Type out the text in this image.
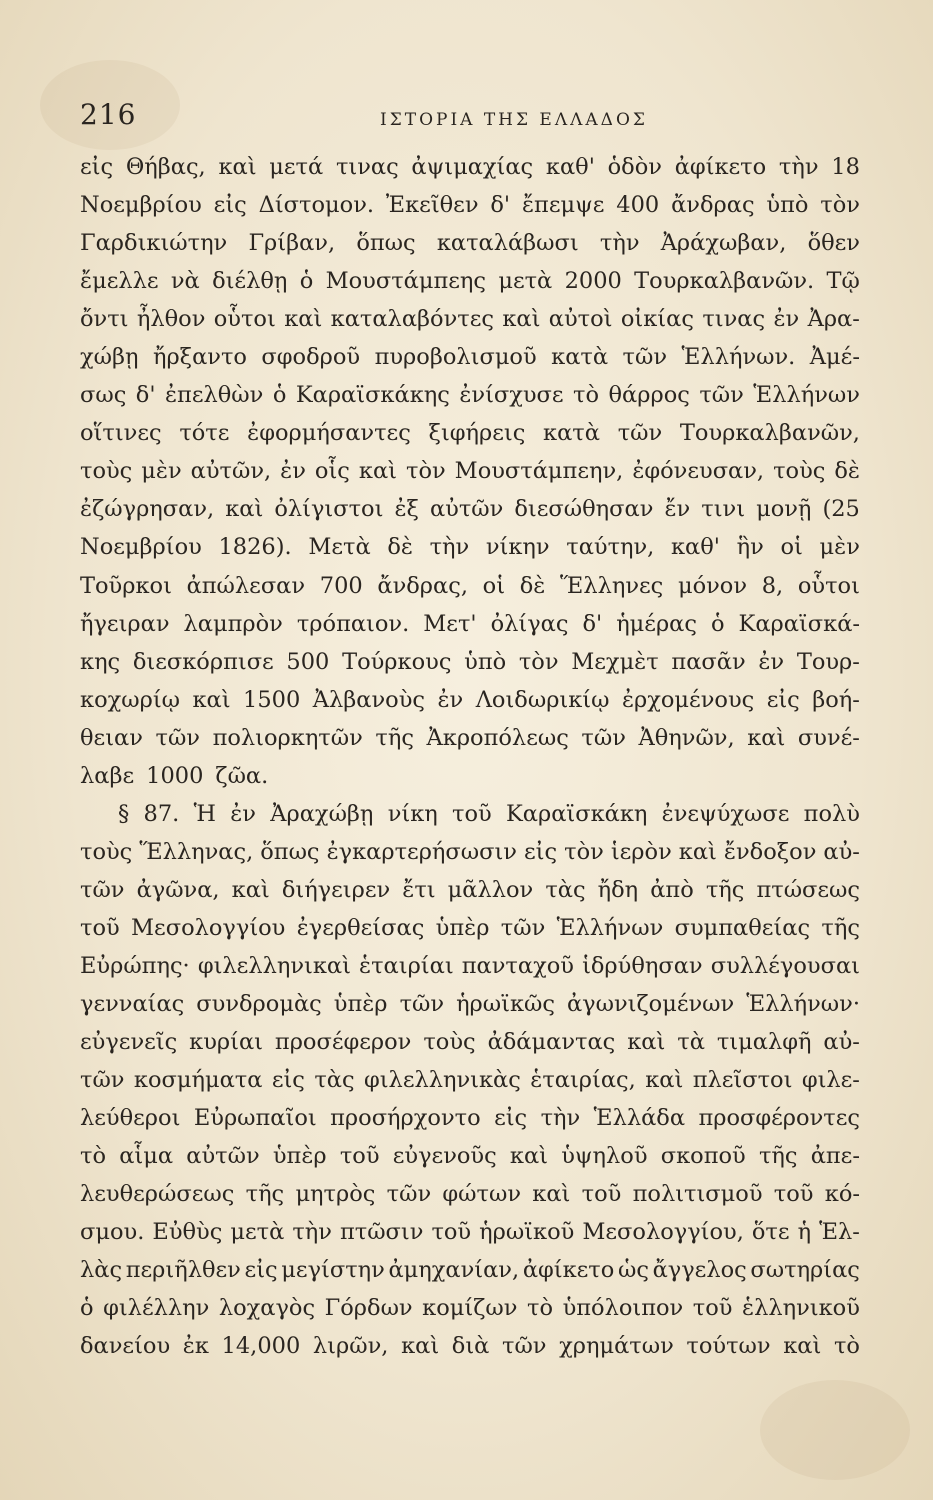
216	ΙΣΤΟΡΙΑ ΤΗΣ ΕΛΛΑΔΟΣ
εἰς Θήβας, καὶ μετά τινας ἀψιμαχίας καθ' ὁδὸν ἀφίκετο τὴν 18
Νοεμβρίου εἰς Δίστομον. Ἐκεῖθεν δ' ἔπεμψε 400 ἄνδρας ὑπὸ τὸν
Γαρδικιώτην Γρίβαν, ὅπως καταλάβωσι τὴν Ἀράχωβαν, ὅθεν
ἔμελλε νὰ διέλθῃ ὁ Μουστάμπεης μετὰ 2000 Τουρκαλβανῶν. Τῷ
ὄντι ἦλθον οὗτοι καὶ καταλαβόντες καὶ αὐτοὶ οἰκίας τινας ἐν Ἀρα-
χώβῃ ἤρξαντο σφοδροῦ πυροβολισμοῦ κατὰ τῶν Ἑλλήνων. Ἀμέ-
σως δ' ἐπελθὼν ὁ Καραϊσκάκης ἐνίσχυσε τὸ θάρρος τῶν Ἑλλήνων
οἵτινες τότε ἐφορμήσαντες ξιφήρεις κατὰ τῶν Τουρκαλβανῶν,
τοὺς μὲν αὐτῶν, ἐν οἷς καὶ τὸν Μουστάμπεην, ἐφόνευσαν, τοὺς δὲ
ἐζώγρησαν, καὶ ὀλίγιστοι ἐξ αὐτῶν διεσώθησαν ἔν τινι μονῇ (25
Νοεμβρίου 1826). Μετὰ δὲ τὴν νίκην ταύτην, καθ' ἣν οἱ μὲν
Τοῦρκοι ἀπώλεσαν 700 ἄνδρας, οἱ δὲ Ἕλληνες μόνον 8, οὗτοι
ἤγειραν λαμπρὸν τρόπαιον. Μετ' ὀλίγας δ' ἡμέρας ὁ Καραϊσκά-
κης διεσκόρπισε 500 Τούρκους ὑπὸ τὸν Μεχμὲτ πασᾶν ἐν Τουρ-
κοχωρίῳ καὶ 1500 Ἀλβανοὺς ἐν Λοιδωρικίῳ ἐρχομένους εἰς βοή-
θειαν τῶν πολιορκητῶν τῆς Ἀκροπόλεως τῶν Ἀθηνῶν, καὶ συνέ-
λαβε 1000 ζῶα.
§ 87. Ἡ ἐν Ἀραχώβῃ νίκη τοῦ Καραϊσκάκη ἐνεψύχωσε πολὺ
τοὺς Ἕλληνας, ὅπως ἐγκαρτερήσωσιν εἰς τὸν ἱερὸν καὶ ἔνδοξον αὐ-
τῶν ἀγῶνα, καὶ διήγειρεν ἔτι μᾶλλον τὰς ἤδη ἀπὸ τῆς πτώσεως
τοῦ Μεσολογγίου ἐγερθείσας ὑπὲρ τῶν Ἑλλήνων συμπαθείας τῆς
Εὐρώπης· φιλελληνικαὶ ἑταιρίαι πανταχοῦ ἱδρύθησαν συλλέγουσαι
γενναίας συνδρομὰς ὑπὲρ τῶν ἡρωϊκῶς ἀγωνιζομένων Ἑλλήνων·
εὐγενεῖς κυρίαι προσέφερον τοὺς ἀδάμαντας καὶ τὰ τιμαλφῆ αὐ-
τῶν κοσμήματα εἰς τὰς φιλελληνικὰς ἑταιρίας, καὶ πλεῖστοι φιλε-
λεύθεροι Εὐρωπαῖοι προσήρχοντο εἰς τὴν Ἑλλάδα προσφέροντες
τὸ αἷμα αὐτῶν ὑπὲρ τοῦ εὐγενοῦς καὶ ὑψηλοῦ σκοποῦ τῆς ἀπε-
λευθερώσεως τῆς μητρὸς τῶν φώτων καὶ τοῦ πολιτισμοῦ τοῦ κό-
σμου. Εὐθὺς μετὰ τὴν πτῶσιν τοῦ ἡρωϊκοῦ Μεσολογγίου, ὅτε ἡ Ἑλ-
λὰς περιῆλθεν εἰς μεγίστην ἀμηχανίαν, ἀφίκετο ὡς ἄγγελος σωτηρίας
ὁ φιλέλλην λοχαγὸς Γόρδων κομίζων τὸ ὑπόλοιπον τοῦ ἑλληνικοῦ
δανείου ἐκ 14,000 λιρῶν, καὶ διὰ τῶν χρημάτων τούτων καὶ τὸ
